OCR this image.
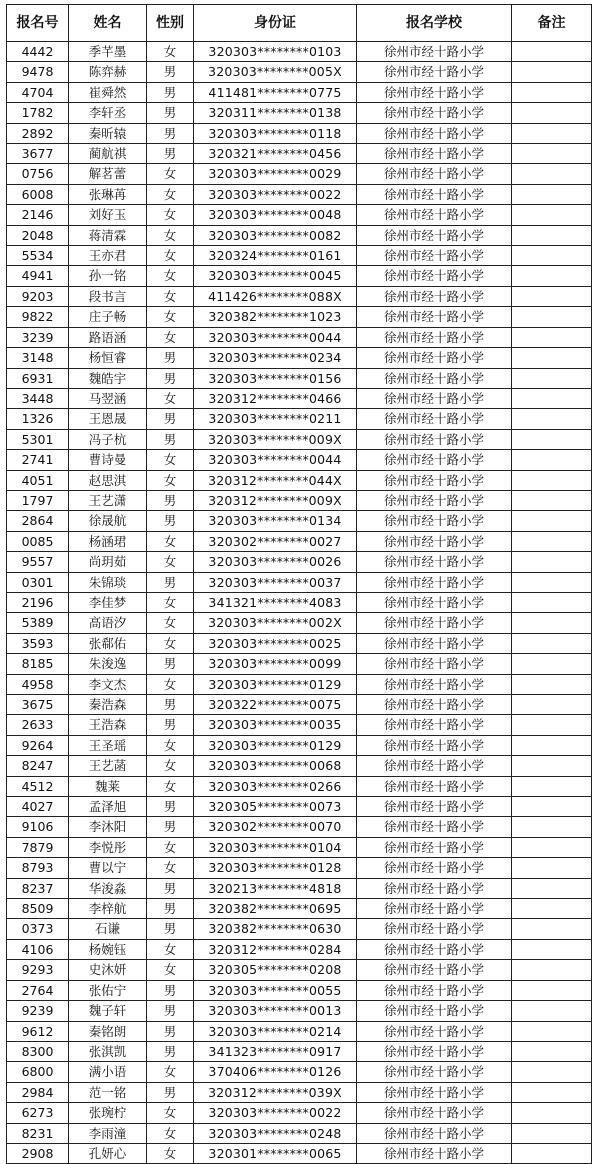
报名号	姓名	性别	身份证	报名学校	备注
4442	季芊墨	女	320303********0103	徐州市经十路小学	
9478	陈弈赫	男	320303********005X	徐州市经十路小学	
4704	崔舜然	男	411481********0775	徐州市经十路小学	
1782	李轩丞	男	320311********0138	徐州市经十路小学	
2892	秦昕辕	男	320303********0118	徐州市经十路小学	
3677	蔺航祺	男	320321********0456	徐州市经十路小学	
0756	解茗蕾	女	320303********0029	徐州市经十路小学	
6008	张琳苒	女	320303********0022	徐州市经十路小学	
2146	刘好玉	女	320303********0048	徐州市经十路小学	
2048	蒋清霖	女	320303********0082	徐州市经十路小学	
5534	王亦君	女	320324********0161	徐州市经十路小学	
4941	孙一铭	女	320303********0045	徐州市经十路小学	
9203	段书言	女	411426********088X	徐州市经十路小学	
9822	庄子畅	女	320382********1023	徐州市经十路小学	
3239	路语涵	女	320303********0044	徐州市经十路小学	
3148	杨恒睿	男	320303********0234	徐州市经十路小学	
6931	魏皓宇	男	320303********0156	徐州市经十路小学	
3448	马翌涵	女	320312********0466	徐州市经十路小学	
1326	王恩晟	男	320303********0211	徐州市经十路小学	
5301	冯子杭	男	320303********009X	徐州市经十路小学	
2741	曹诗曼	女	320303********0044	徐州市经十路小学	
4051	赵思淇	女	320312********044X	徐州市经十路小学	
1797	王艺潇	男	320312********009X	徐州市经十路小学	
2864	徐晟航	男	320303********0134	徐州市经十路小学	
0085	杨涵珺	女	320302********0027	徐州市经十路小学	
9557	尚玥茹	女	320303********0026	徐州市经十路小学	
0301	朱锦琰	男	320303********0037	徐州市经十路小学	
2196	李佳梦	女	341321********4083	徐州市经十路小学	
5389	高语汐	女	320303********002X	徐州市经十路小学	
3593	张郗佑	女	320303********0025	徐州市经十路小学	
8185	朱浚逸	男	320303********0099	徐州市经十路小学	
4958	李文杰	女	320303********0129	徐州市经十路小学	
3675	秦浩森	男	320322********0075	徐州市经十路小学	
2633	王浩森	男	320303********0035	徐州市经十路小学	
9264	王圣瑶	女	320303********0129	徐州市经十路小学	
8247	王艺菡	女	320303********0068	徐州市经十路小学	
4512	魏莱	女	320303********0266	徐州市经十路小学	
4027	孟泽旭	男	320305********0073	徐州市经十路小学	
9106	李沐阳	男	320302********0070	徐州市经十路小学	
7879	李悦彤	女	320303********0104	徐州市经十路小学	
8793	曹以宁	女	320303********0128	徐州市经十路小学	
8237	华浚淼	男	320213********4818	徐州市经十路小学	
8509	李梓航	男	320382********0695	徐州市经十路小学	
0373	石谦	男	320382********0630	徐州市经十路小学	
4106	杨婉钰	女	320312********0284	徐州市经十路小学	
9293	史沐妍	女	320305********0208	徐州市经十路小学	
2764	张佑宁	男	320303********0055	徐州市经十路小学	
9239	魏子轩	男	320303********0013	徐州市经十路小学	
9612	秦铭朗	男	320303********0214	徐州市经十路小学	
8300	张淇凯	男	341323********0917	徐州市经十路小学	
6800	满小语	女	370406********0126	徐州市经十路小学	
2984	范一铭	男	320312********039X	徐州市经十路小学	
6273	张琬柠	女	320303********0022	徐州市经十路小学	
8231	李雨潼	女	320303********0248	徐州市经十路小学	
2908	孔妍心	女	320301********0065	徐州市经十路小学	
